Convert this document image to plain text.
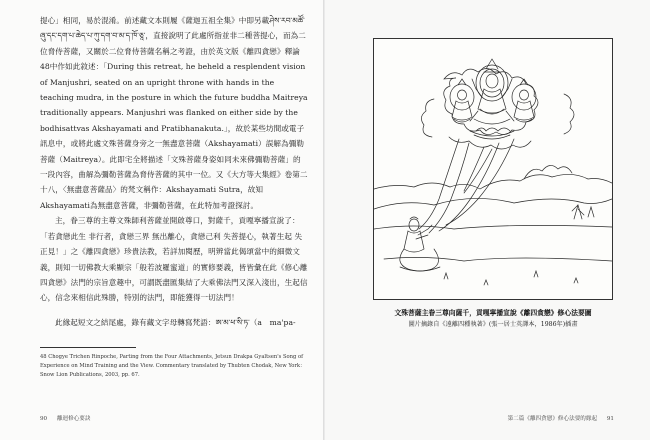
提心」相同，易於混淆。前述藏文本則履《薩迦五祖全集》中即另載ཤེས་རབ་མཚོ་ཞུ་དང་དག་པ་ཆེད་པ་ཀུ་དག་བ་མ་ད་ཁོ་ཅཱ་，直接說明了此處所指並非二種菩提心，而為二位脅侍菩薩，又關於二位脅侍菩薩名稱之考證，由於英文版《離四貪戀》釋論48中作如此敘述：「During this retreat, he beheld a resplendent vision of Manjushri, seated on an upright throne with hands in the teaching mudra, in the posture in which the future buddha Maitreya traditionally appears. Manjushri was flanked on either side by the bodhisattvas Akshayamati and Pratibhanakuta.」，故於某些坊間或電子訊息中，或將此處文殊菩薩身旁之一無盡意菩薩（Akshayamati）誤解為彌勒菩薩（Maitreya）。此即宅全將描述「文殊菩薩身姿如同未來佛彌勒菩薩」的一段內容，曲解為彌勒菩薩為脅侍菩薩的其中一位。又《大方等大集經》卷第二十八，〈無盡意菩薩品〉的梵文稱作：Akshayamati Sutra，故知Akshayamati為無盡意菩薩，非彌勒菩薩，在此特加考證探討。

主，眷三尊的主尊文殊師利菩薩並開啟尊口，對薩千，貢嘎寧播宣說了：「若貪戀此生 非行者，貪戀三界 無出離心，貪戀己利 失菩提心，執著生起 失正見！」之《離四貪戀》珍貴法教，若詳加閱歷，明辨當此偈頌當中的細微文義，則知一切佛教大乘顯宗「般若波羅蜜道」的實修要義，皆皆彙在此《修心離四貪戀》法門的宗旨意趣中，可謂既盡匯集結了大乘佛法門又深入淺出，生起信心，信念來相信此殊勝，特別的法門，即能獲得一切法門！

此緣起短文之結尾處，錄有藏文字母轉寫梵語：ཨ་མ་ཕ་སི་ཏ་（a　ma'pa-

48 Chogye Trichen Rinpoche, Parting from the Four Attachments, Jetsun Drakpa Gyaltsen's Song of Experience on Mind Training and the View. Commentary translated by Thubten Chodak, New York：Snow Lion Publications, 2003, pp. 67.
90 離迴修心要訣
文殊菩薩主眷三尊向薩千，貢嘎寧播宣說《離四貪戀》修心法要圖
圖片摘錄自《遠離四種執著》(張一居士英譯本，1986年)插畫
第二篇《離四貪戀》修心法要的緣起 91
